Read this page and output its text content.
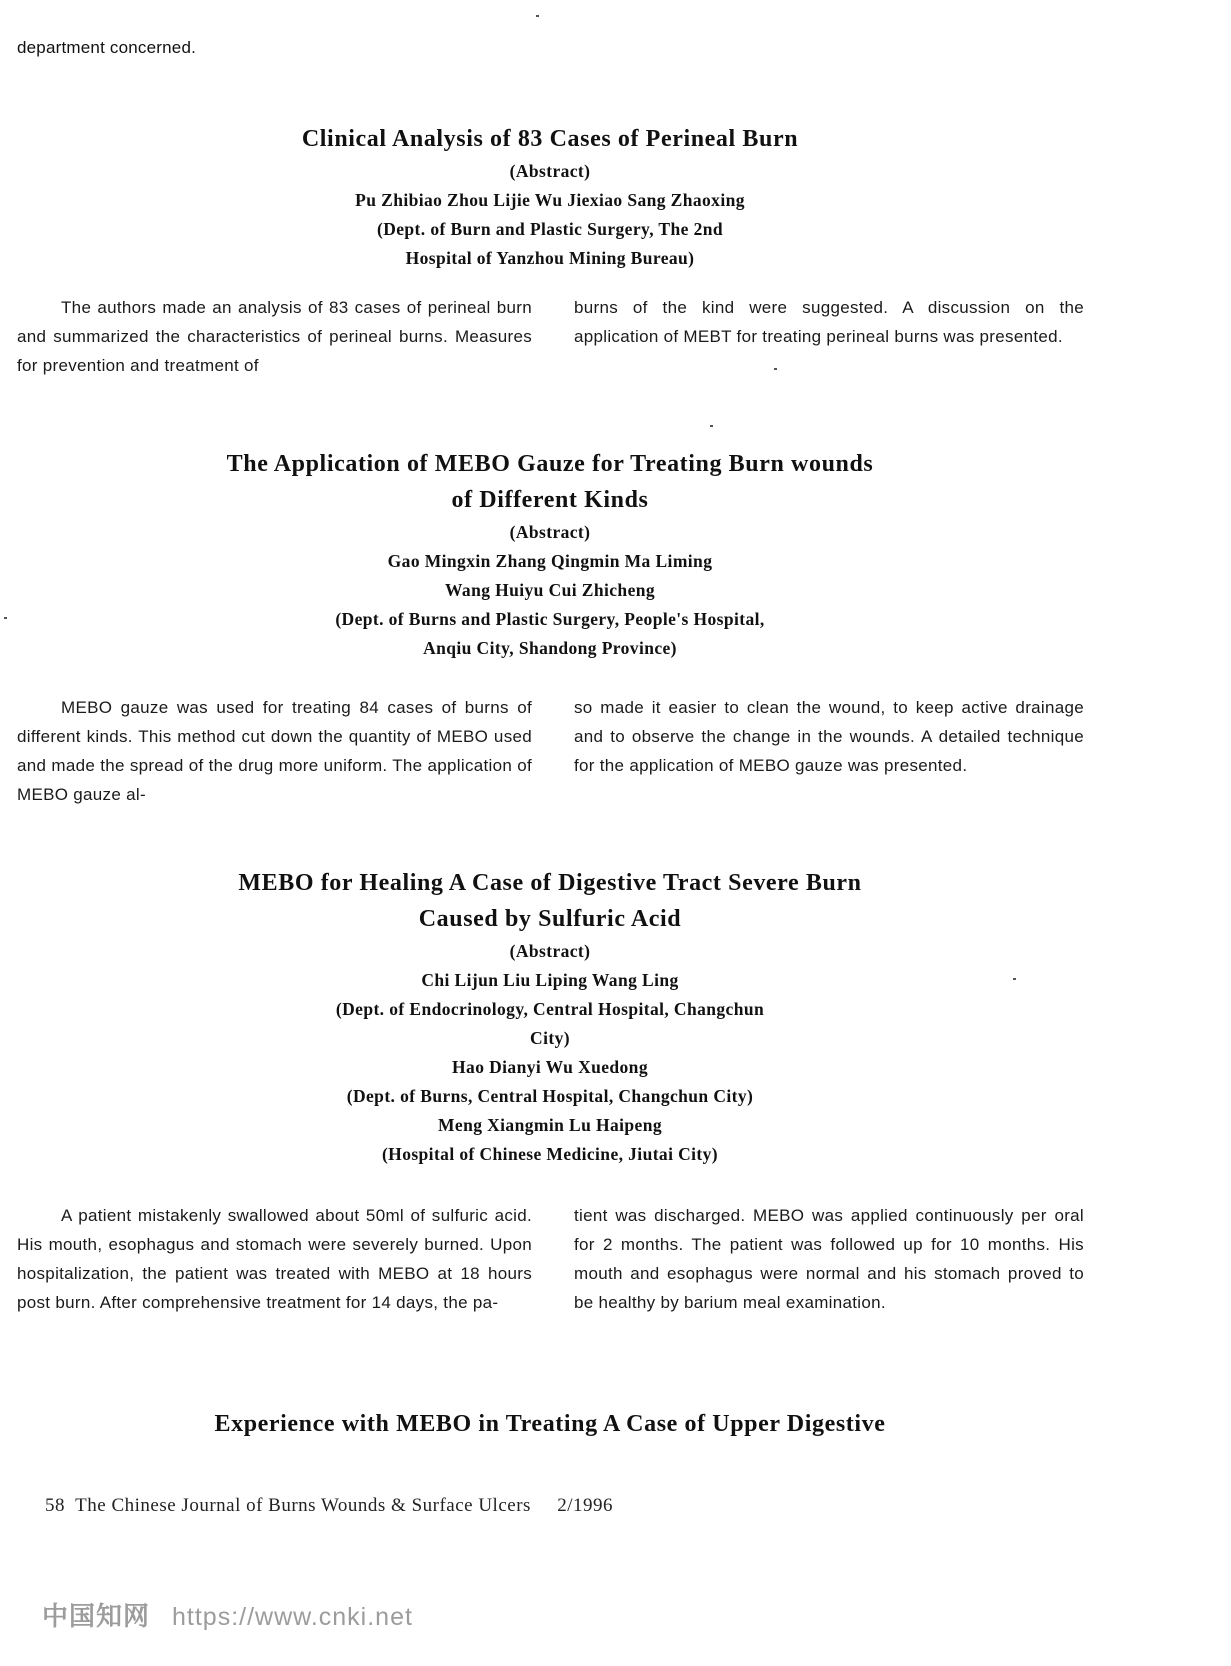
department concerned.
Clinical Analysis of 83 Cases of Perineal Burn
(Abstract)
Pu Zhibiao Zhou Lijie Wu Jiexiao Sang Zhaoxing
(Dept. of Burn and Plastic Surgery, The 2nd
Hospital of Yanzhou Mining Bureau)
The authors made an analysis of 83 cases of perineal burn and summarized the characteristics of perineal burns. Measures for prevention and treatment of
burns of the kind were suggested. A discussion on the application of MEBT for treating perineal burns was presented.
The Application of MEBO Gauze for Treating Burn wounds
of Different Kinds
(Abstract)
Gao Mingxin Zhang Qingmin Ma Liming
Wang Huiyu Cui Zhicheng
(Dept. of Burns and Plastic Surgery, People's Hospital,
Anqiu City, Shandong Province)
MEBO gauze was used for treating 84 cases of burns of different kinds. This method cut down the quantity of MEBO used and made the spread of the drug more uniform. The application of MEBO gauze al-
so made it easier to clean the wound, to keep active drainage and to observe the change in the wounds. A detailed technique for the application of MEBO gauze was presented.
MEBO for Healing A Case of Digestive Tract Severe Burn
Caused by Sulfuric Acid
(Abstract)
Chi Lijun Liu Liping Wang Ling
(Dept. of Endocrinology, Central Hospital, Changchun
City)
Hao Dianyi Wu Xuedong
(Dept. of Burns, Central Hospital, Changchun City)
Meng Xiangmin Lu Haipeng
(Hospital of Chinese Medicine, Jiutai City)
A patient mistakenly swallowed about 50ml of sulfuric acid. His mouth, esophagus and stomach were severely burned. Upon hospitalization, the patient was treated with MEBO at 18 hours post burn. After comprehensive treatment for 14 days, the pa-
tient was discharged. MEBO was applied continuously per oral for 2 months. The patient was followed up for 10 months. His mouth and esophagus were normal and his stomach proved to be healthy by barium meal examination.
Experience with MEBO in Treating A Case of Upper Digestive
58 The Chinese Journal of Burns Wounds & Surface Ulcers 2/1996
中国知网 https://www.cnki.net
